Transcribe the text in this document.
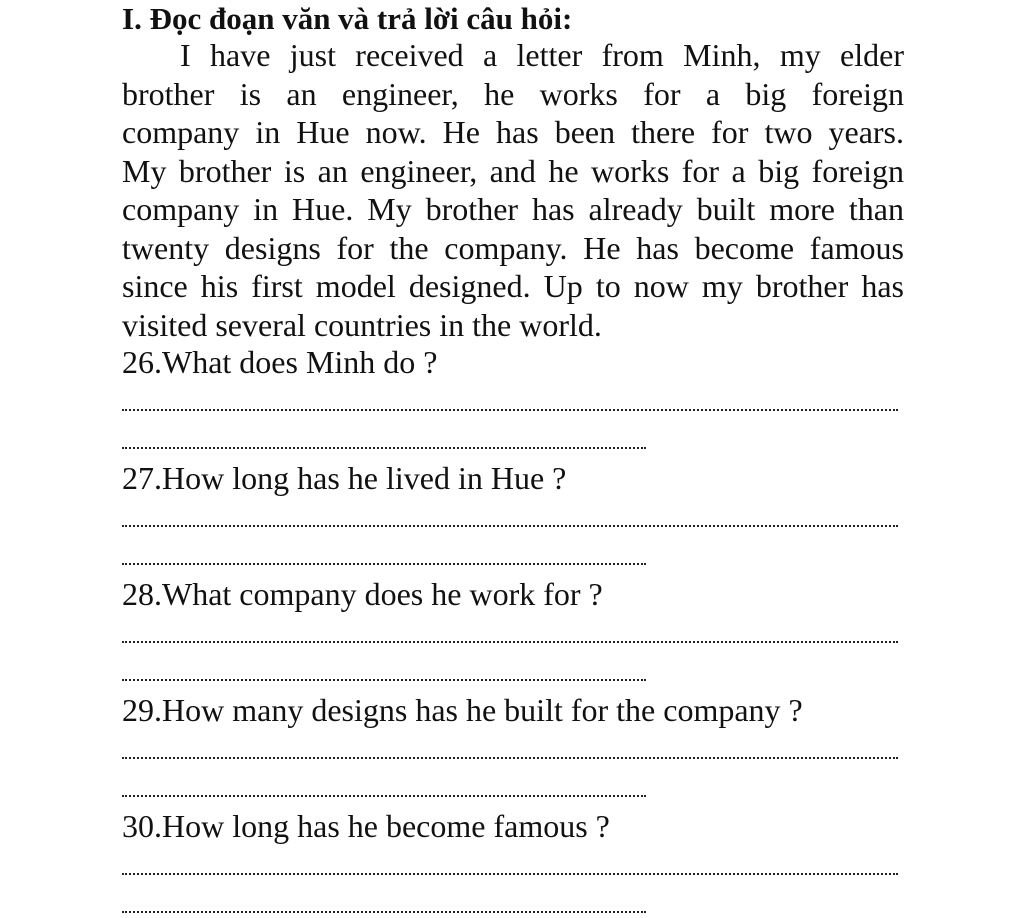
I. Đọc đoạn văn và trả lời câu hỏi:
I have just received a letter from Minh, my elder
brother is an engineer, he works for a big foreign
company in Hue now. He has been there for two years.
My brother is an engineer, and he works for a big foreign
company in Hue. My brother has already built more than
twenty designs for the company. He has become famous
since his first model designed. Up to now my brother has
visited several countries in the world.
26.What does Minh do ?
27.How long has he lived in Hue ?
28.What company does he work for ?
29.How many designs has he built for the company ?
30.How long has he become famous ?
